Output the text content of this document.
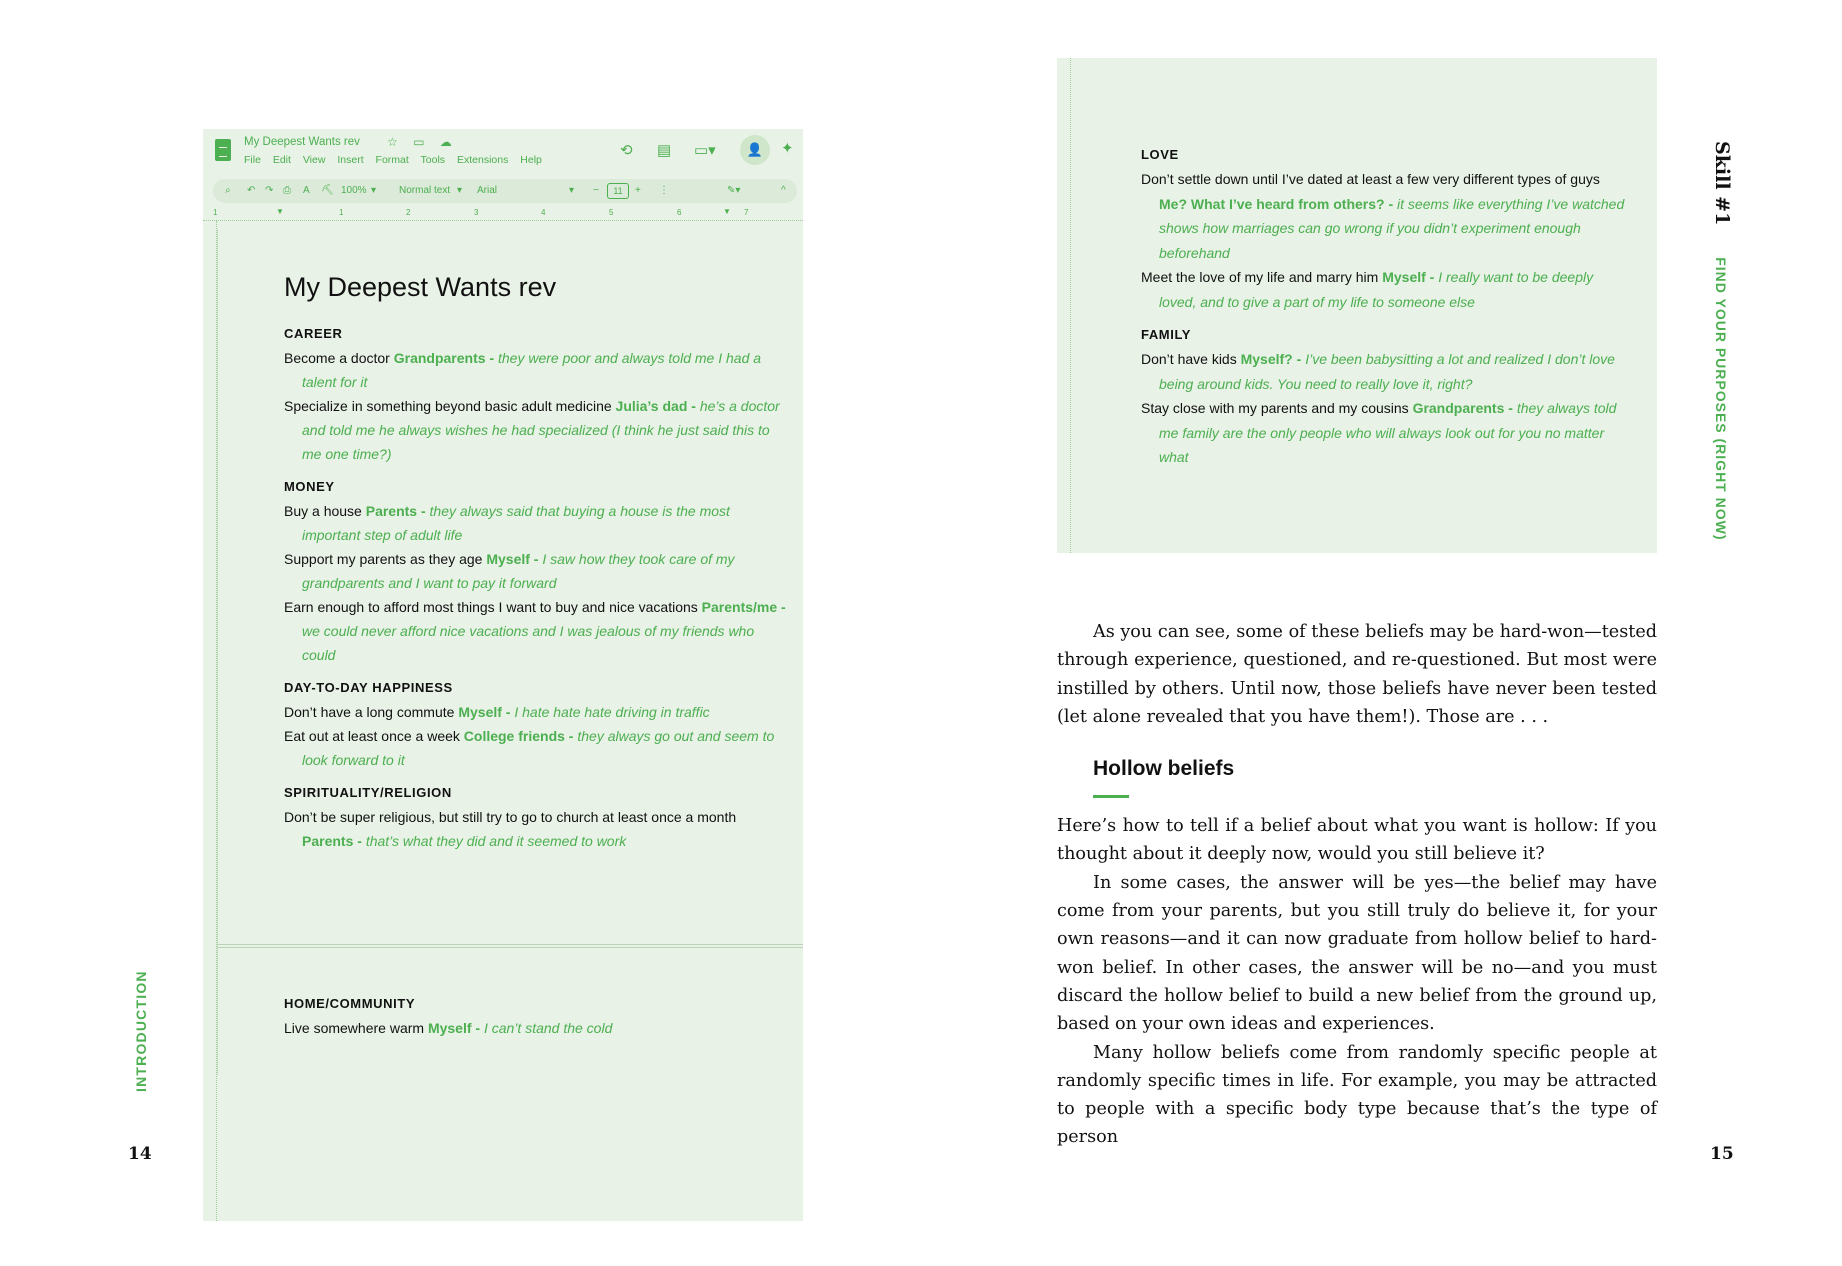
My Deepest Wants rev ☆ ▭ ☁
File Edit View Insert Format Tools Extensions Help
⟲ ▤ ▭▾	👤	✦
⌕ ↶ ↷ ⎙ A ⛏ 100% ▾ Normal text ▾ Arial	▾ −	11	+ ⋮	✎▾	^
1	1	2	3	4	5	6	7
▼	▼
My Deepest Wants rev
CAREER
Become a doctor Grandparents - they were poor and always told me I had a talent for it
Specialize in something beyond basic adult medicine Julia’s dad - he’s a doctor and told me he always wishes he had specialized (I think he just said this to me one time?)
MONEY
Buy a house Parents - they always said that buying a house is the most important step of adult life
Support my parents as they age Myself - I saw how they took care of my grandparents and I want to pay it forward
Earn enough to afford most things I want to buy and nice vacations Parents/me - we could never afford nice vacations and I was jealous of my friends who could
DAY-TO-DAY HAPPINESS
Don’t have a long commute Myself - I hate hate hate driving in traffic
Eat out at least once a week College friends - they always go out and seem to look forward to it
SPIRITUALITY/RELIGION
Don’t be super religious, but still try to go to church at least once a month Parents - that’s what they did and it seemed to work
HOME/COMMUNITY
Live somewhere warm Myself - I can’t stand the cold
INTRODUCTION
14
LOVE
Don’t settle down until I’ve dated at least a few very different types of guys Me? What I’ve heard from others? - it seems like everything I’ve watched shows how marriages can go wrong if you didn’t experiment enough beforehand
Meet the love of my life and marry him Myself - I really want to be deeply loved, and to give a part of my life to someone else
FAMILY
Don’t have kids Myself? - I’ve been babysitting a lot and realized I don’t love being around kids. You need to really love it, right?
Stay close with my parents and my cousins Grandparents - they always told me family are the only people who will always look out for you no matter what

As you can see, some of these beliefs may be hard-won—tested through experience, questioned, and re-questioned. But most were instilled by others. Until now, those beliefs have never been tested (let alone revealed that you have them!). Those are . . .

Hollow beliefs

Here’s how to tell if a belief about what you want is hollow: If you thought about it deeply now, would you still believe it?

In some cases, the answer will be yes—the belief may have come from your parents, but you still truly do believe it, for your own reasons—and it can now graduate from hollow belief to hard-won belief. In other cases, the answer will be no—and you must discard the hollow belief to build a new belief from the ground up, based on your own ideas and experiences.

Many hollow beliefs come from randomly specific people at randomly specific times in life. For example, you may be attracted to people with a specific body type because that’s the type of person

Skill #1 FIND YOUR PURPOSES (RIGHT NOW)
15
